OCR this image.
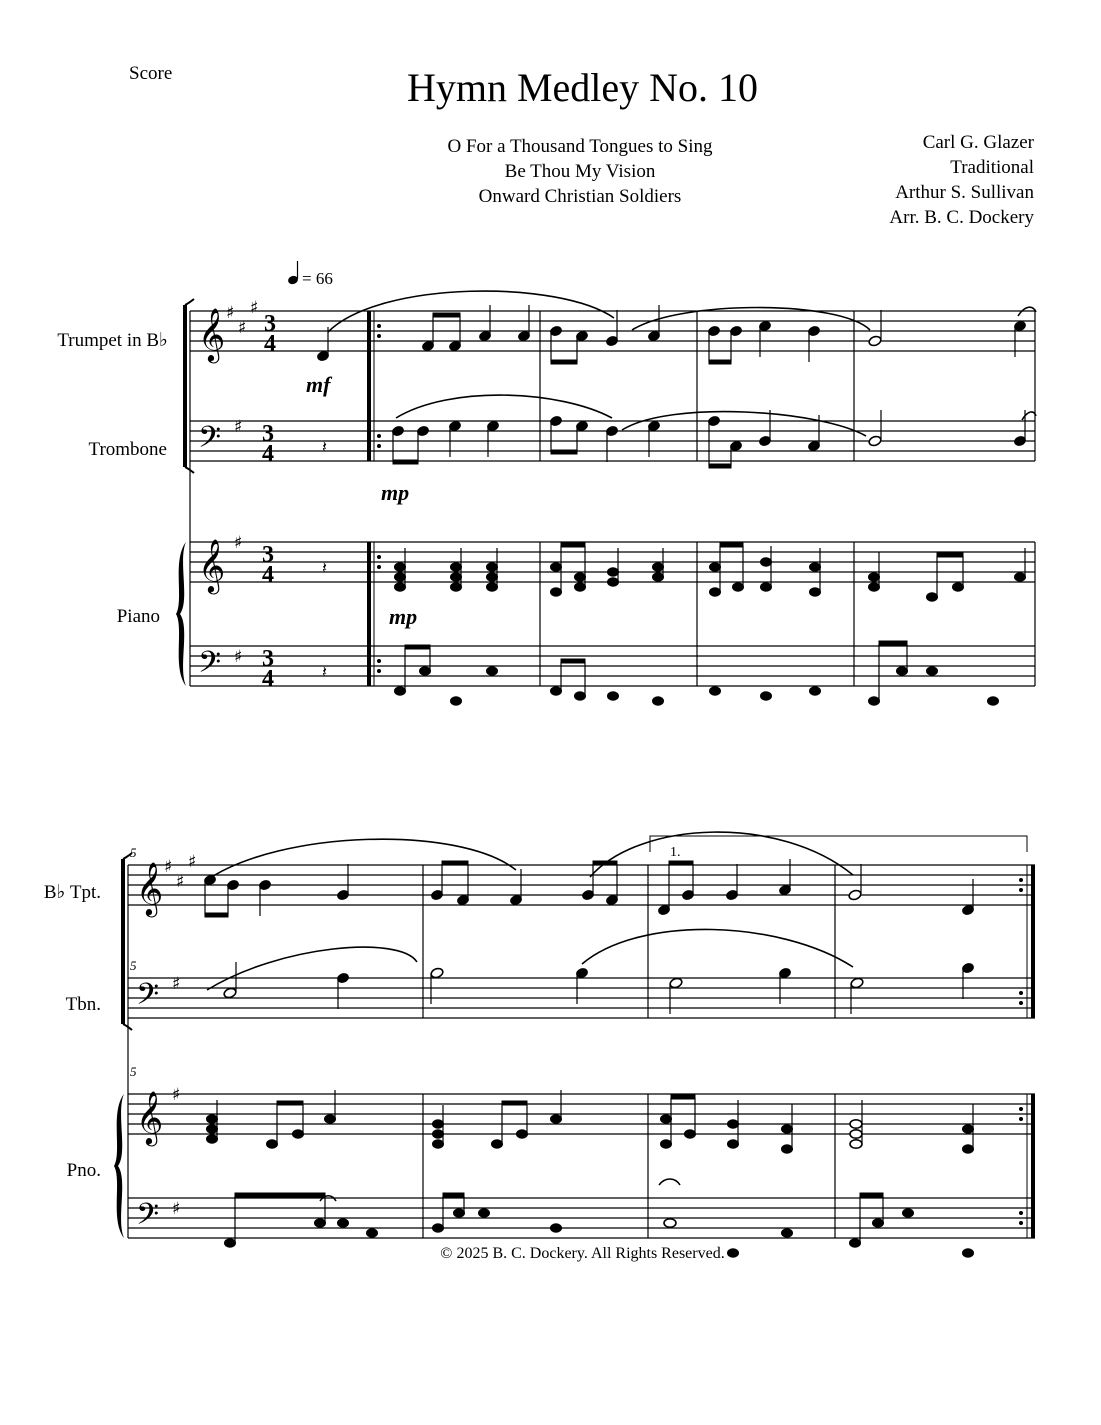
Score	Hymn Medley No. 10
O For a Thousand Tongues to Sing
Be Thou My Vision
Onward Christian Soldiers
Carl G. Glazer
Traditional
Arthur S. Sullivan
Arr. B. C. Dockery
Trumpet in B♭
Trombone
Piano
B♭ Tpt.
Tbn.
Pno.
© 2025 B. C. Dockery. All Rights Reserved.
𝄞
𝄢
𝄞
𝄢
𝄞
𝄢
𝄞
𝄢
♯
♯
♯
♯
♯
♯
♯
♯
♯
♯
♯
♯
3
4
3
4
3
4
3
4
= 66
mf
mp
mp
5
5
5
1.
𝄽
𝄽
𝄽
